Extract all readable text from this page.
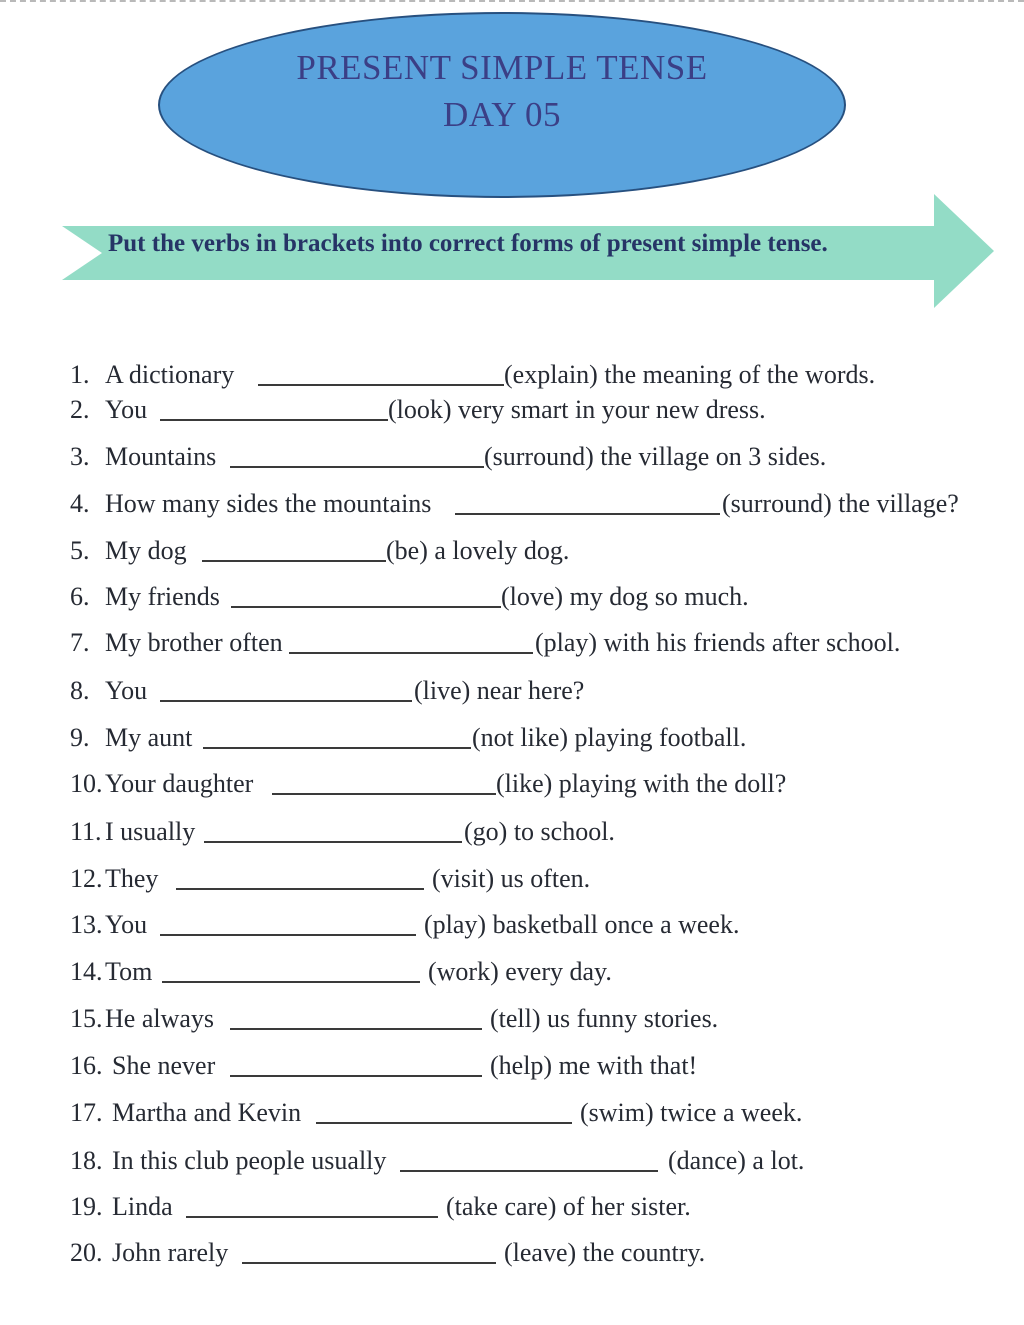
PRESENT SIMPLE TENSE
DAY 05
Put the verbs in brackets into correct forms of present simple tense.
1. A dictionary	(explain) the meaning of the words.
2. You	(look) very smart in your new dress.
3. Mountains	(surround) the village on 3 sides.
4. How many sides the mountains	(surround) the village?
5. My dog	(be) a lovely dog.
6. My friends	(love) my dog so much.
7. My brother often	(play) with his friends after school.
8. You	(live) near here?
9. My aunt	(not like) playing football.
10. Your daughter	(like) playing with the doll?
11. I usually	(go) to school.
12. They	(visit) us often.
13. You	(play) basketball once a week.
14. Tom	(work) every day.
15. He always	(tell) us funny stories.
16. She never	(help) me with that!
17. Martha and Kevin	(swim) twice a week.
18. In this club people usually	(dance) a lot.
19. Linda	(take care) of her sister.
20. John rarely	(leave) the country.
